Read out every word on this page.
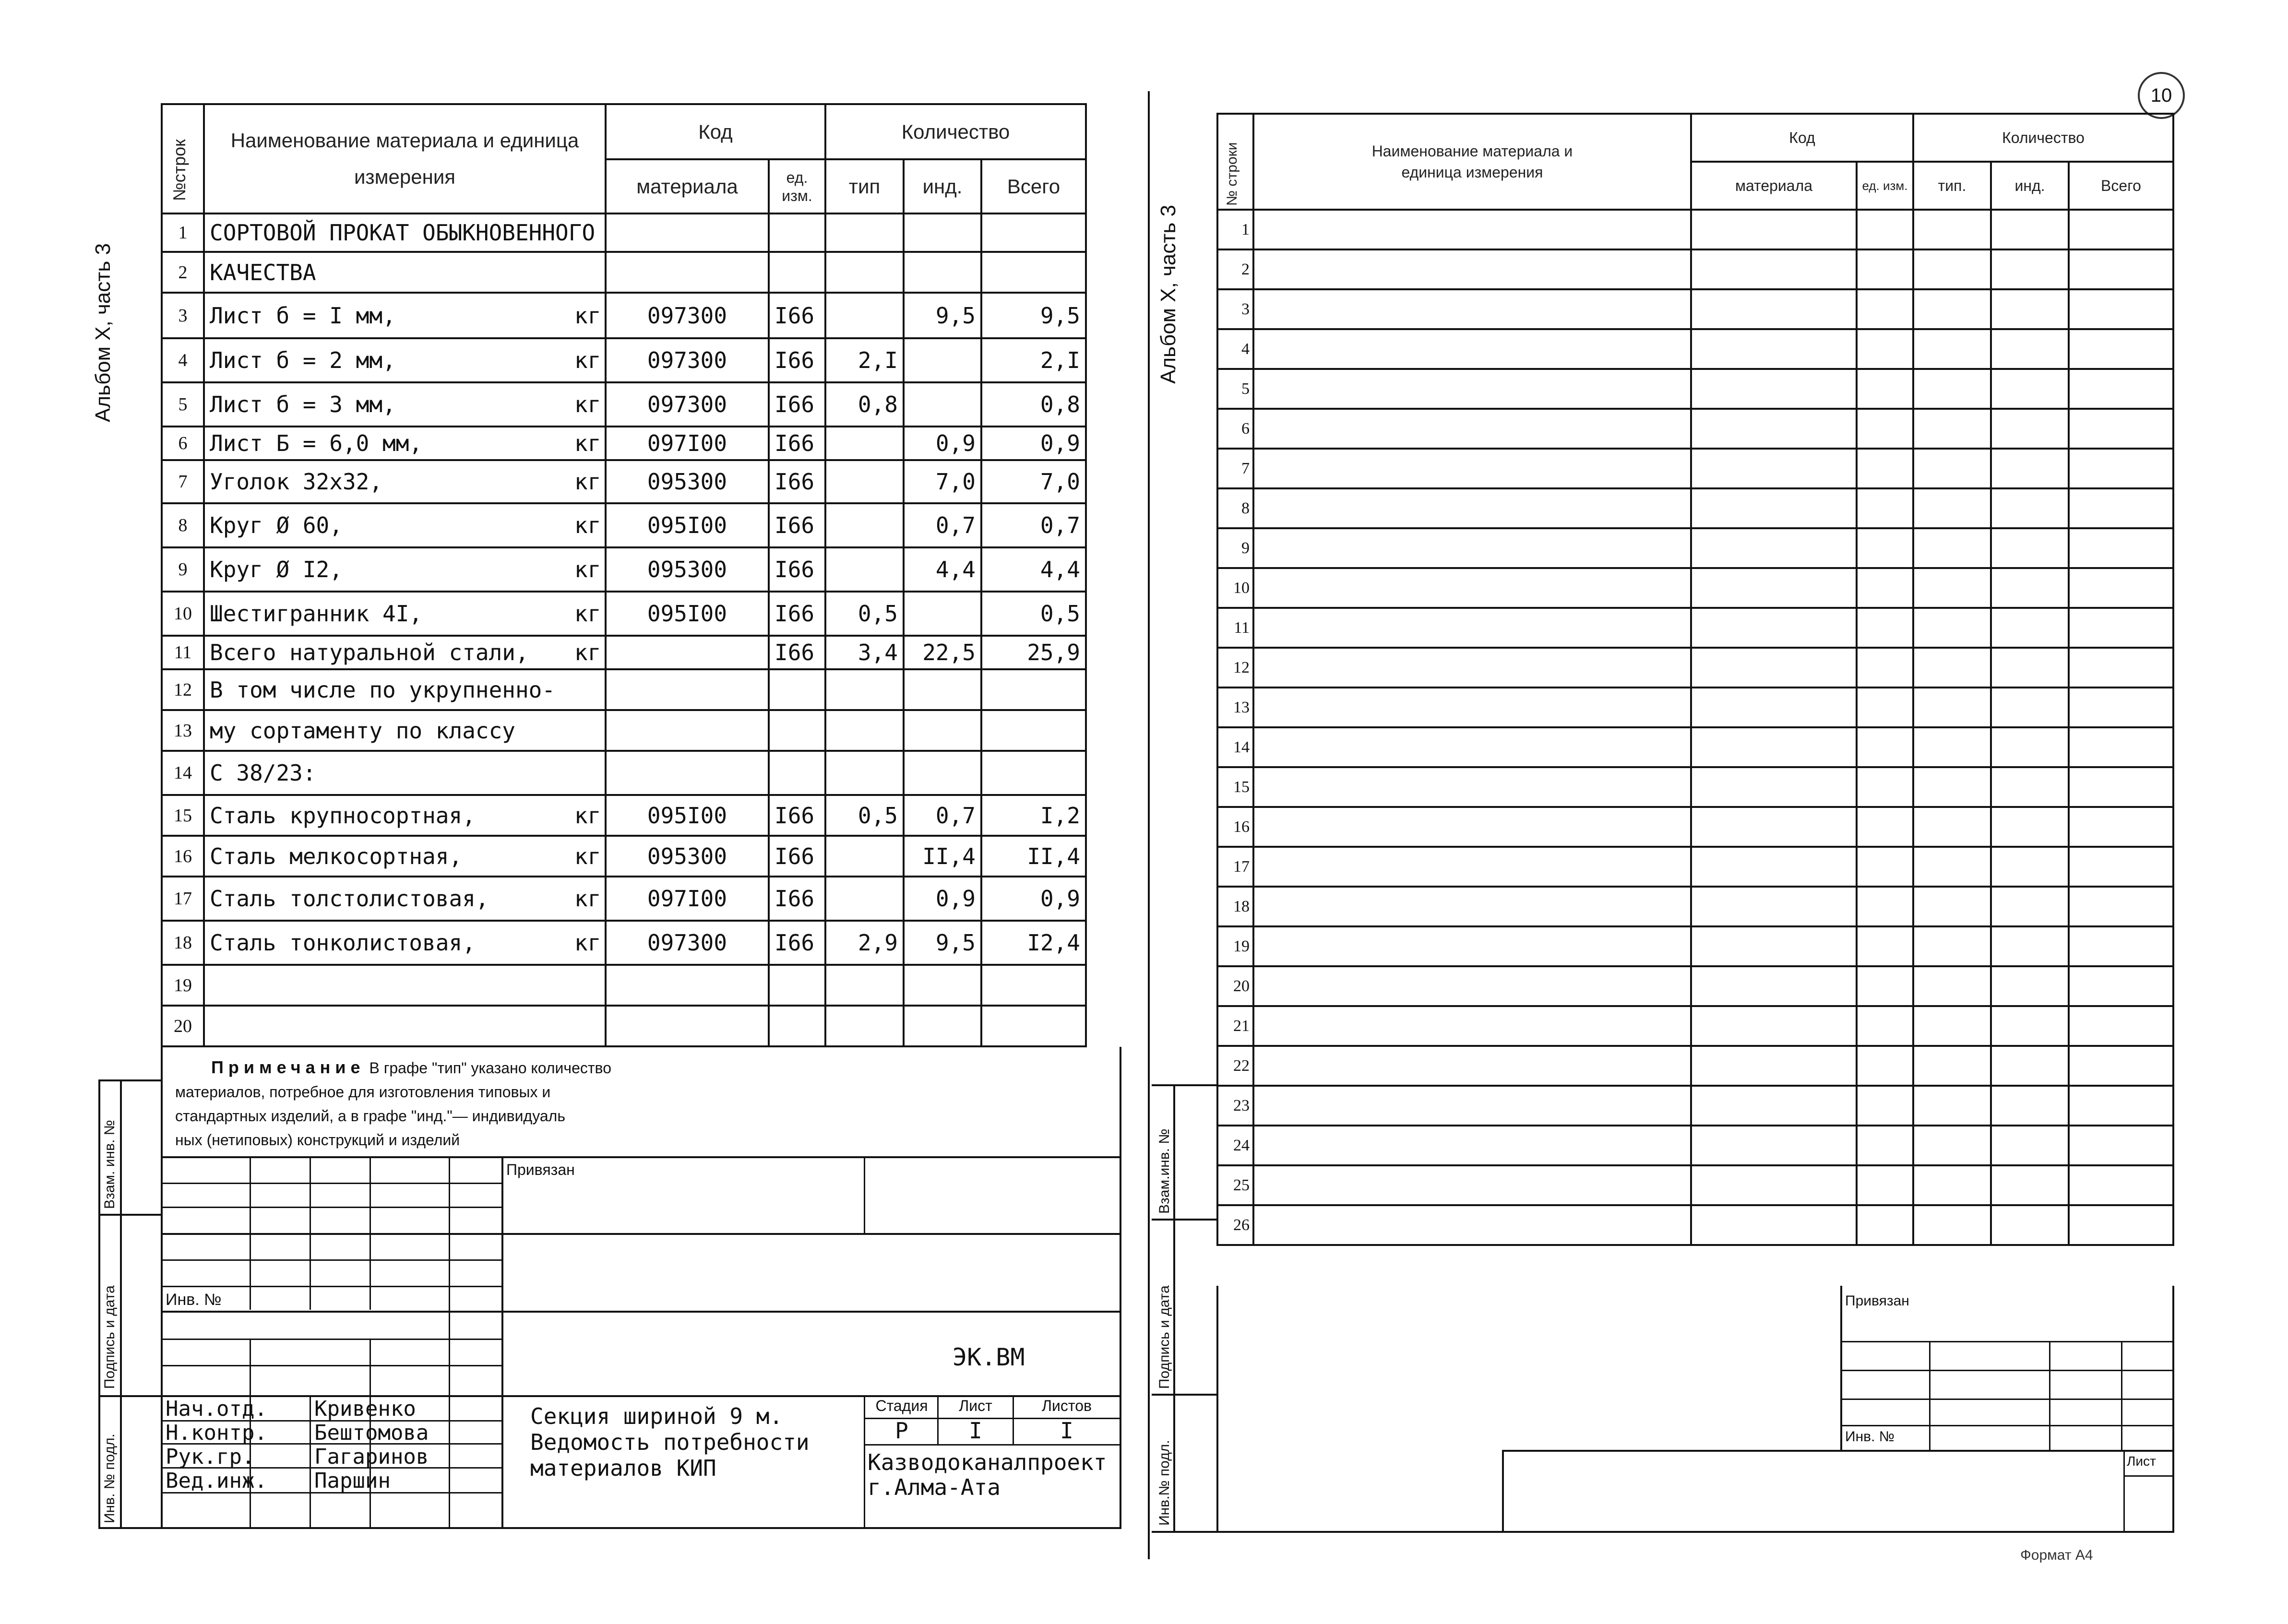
Альбом X, часть 3
№строк	Наименование материала и единица измерения	Код		Количество		
		материала	ед. изм.	тип	инд.	Всего
1	СОРТОВОЙ ПРОКАТ ОБЫКНОВЕННОГО

2	КАЧЕСТВА

3	Лист б = I мм, кг	097300	I66		9,5	9,5
4	Лист б = 2 мм, кг	097300	I66	2,I		2,I
5	Лист б = 3 мм, кг	097300	I66	0,8		0,8
6	Лист Б = 6,0 мм, кг	097I00	I66		0,9	0,9
7	Уголок 32х32, кг	095300	I66		7,0	7,0
8	Круг Ø 60, кг	095I00	I66		0,7	0,7
9	Круг Ø I2, кг	095300	I66		4,4	4,4
10	Шестигранник 4I, кг	095I00	I66	0,5		0,5
11	Всего натуральной стали, кг		I66	3,4	22,5	25,9
12	В том числе по укрупненно-

13	му сортаменту по классу

14	С 38/23:

15	Сталь крупносортная, кг	095I00	I66	0,5	0,7	I,2
16	Сталь мелкосортная, кг	095300	I66		II,4	II,4
17	Сталь толстолистовая, кг	097I00	I66		0,9	0,9
18	Сталь тонколистовая, кг	097300	I66	2,9	9,5	I2,4
19	

20	

Примечание В графе "тип" указано количество
материалов, потребное для изготовления типовых и
стандартных изделий, а в графе "инд."— индивидуаль
ных (нетиповых) конструкций и изделий
Взам. инв. №
Подпись и дата
Инв. № подл.
Привязан
Инв. №
ЭК.ВМ
Нач.отд. Кривенко
Н.контр. Бештомова
Рук.гр.	Гагаринов
Вед.инж. Паршин
Секция шириной 9 м.
Ведомость потребности
материалов КИП
Стадия	Лист	Листов
Р	I	I
Казводоканалпроект
г.Алма-Ата
Альбом X, часть 3
10
№ строки	Наименование материала и единица измерения	Код		Количество		
		материала	ед. изм.	тип.	инд.	Всего
1						
2						
3						
4						
5						
6						
7						
8						
9						
10						
11						
12						
13						
14						
15						
16						
17						
18						
19						
20						
21						
22						
23						
24						
25						
26						
Взам.инв. №
Подпись и дата
Инв.№ подл.
Привязан
Инв. №
Лист
Формат А4
